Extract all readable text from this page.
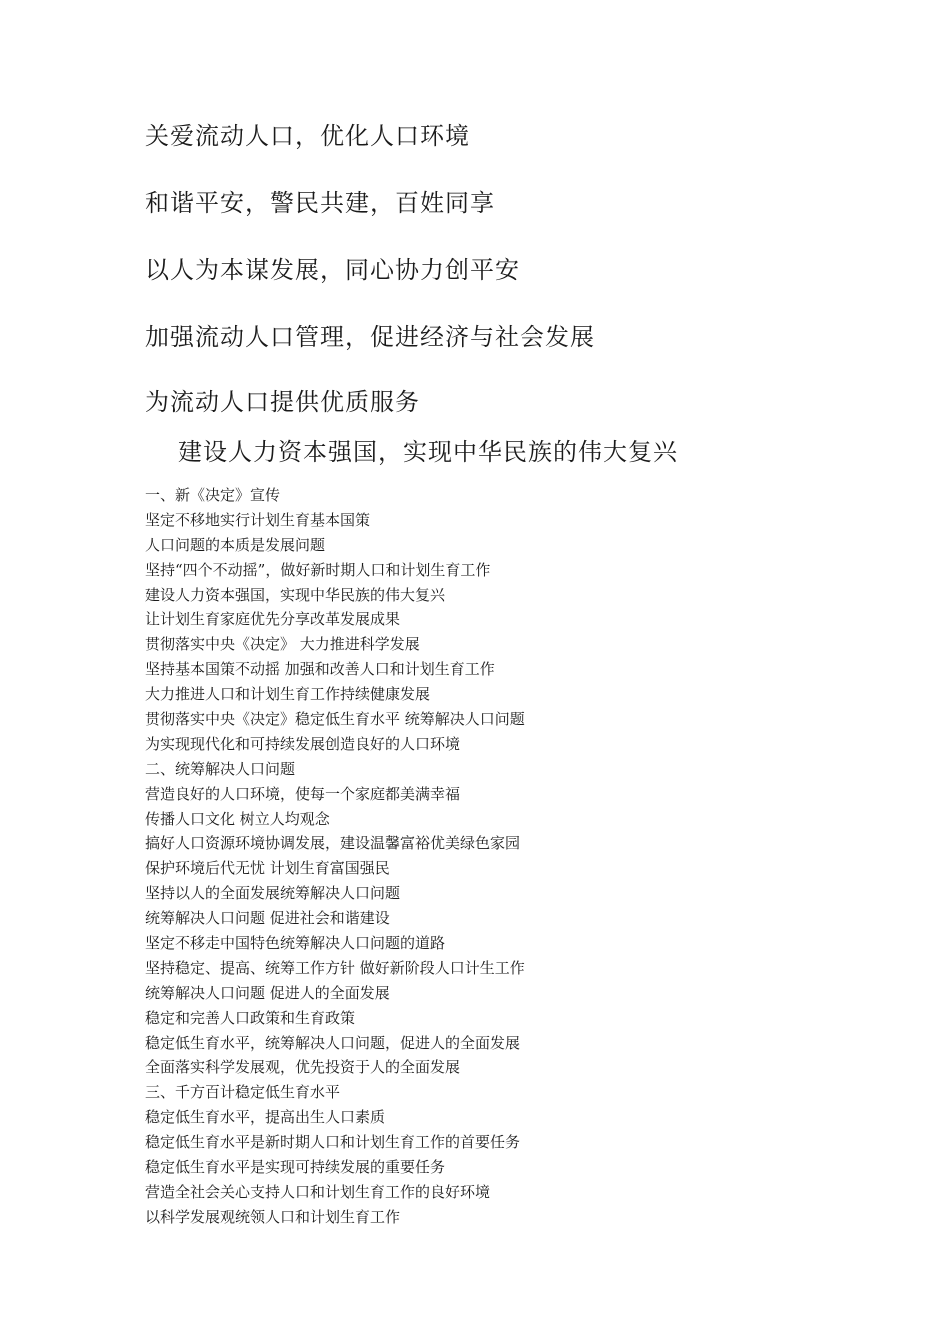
关爱流动人口，优化人口环境
和谐平安，警民共建，百姓同享
以人为本谋发展，同心协力创平安
加强流动人口管理，促进经济与社会发展
为流动人口提供优质服务
建设人力资本强国，实现中华民族的伟大复兴
一、新《决定》宣传
坚定不移地实行计划生育基本国策
人口问题的本质是发展问题
坚持“四个不动摇”，做好新时期人口和计划生育工作
建设人力资本强国，实现中华民族的伟大复兴
让计划生育家庭优先分享改革发展成果
贯彻落实中央《决定》 大力推进科学发展
坚持基本国策不动摇 加强和改善人口和计划生育工作
大力推进人口和计划生育工作持续健康发展
贯彻落实中央《决定》稳定低生育水平 统筹解决人口问题
为实现现代化和可持续发展创造良好的人口环境
二、统筹解决人口问题
营造良好的人口环境，使每一个家庭都美满幸福
传播人口文化 树立人均观念
搞好人口资源环境协调发展，建设温馨富裕优美绿色家园
保护环境后代无忧 计划生育富国强民
坚持以人的全面发展统筹解决人口问题
统筹解决人口问题 促进社会和谐建设
坚定不移走中国特色统筹解决人口问题的道路
坚持稳定、提高、统筹工作方针 做好新阶段人口计生工作
统筹解决人口问题 促进人的全面发展
稳定和完善人口政策和生育政策
稳定低生育水平，统筹解决人口问题，促进人的全面发展
全面落实科学发展观，优先投资于人的全面发展
三、千方百计稳定低生育水平
稳定低生育水平，提高出生人口素质
稳定低生育水平是新时期人口和计划生育工作的首要任务
稳定低生育水平是实现可持续发展的重要任务
营造全社会关心支持人口和计划生育工作的良好环境
以科学发展观统领人口和计划生育工作
